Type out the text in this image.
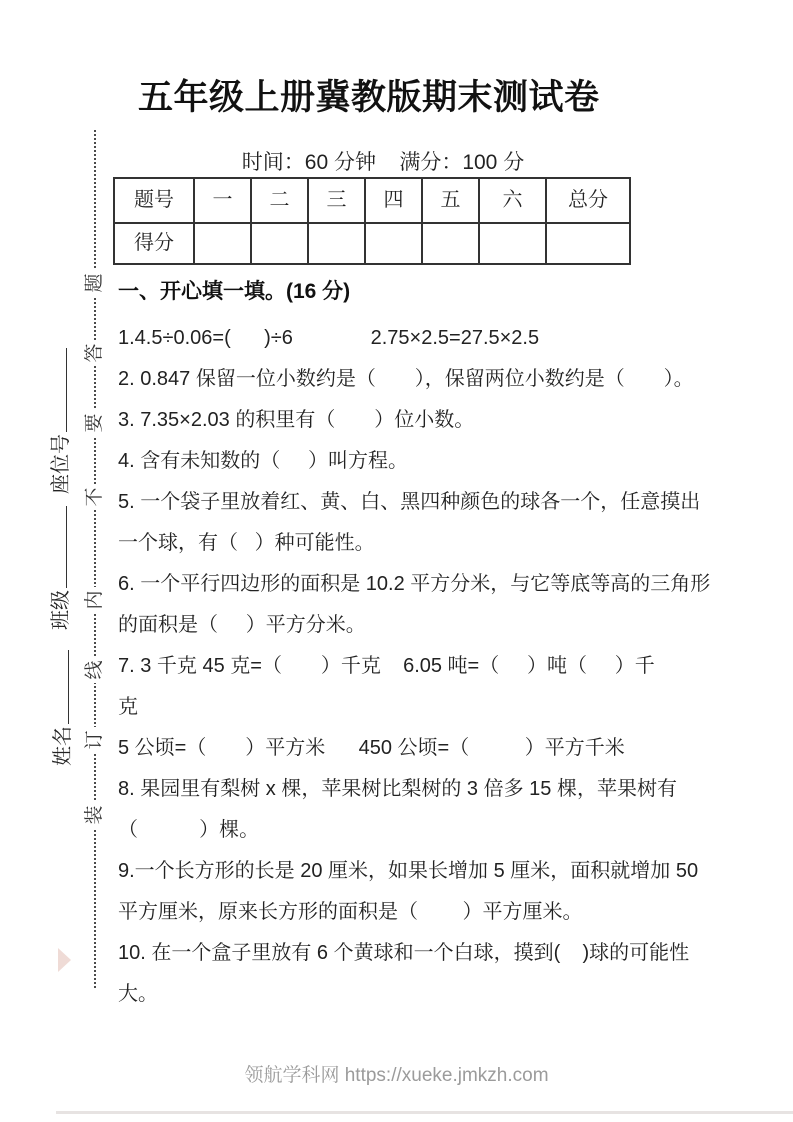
题
答
要
不
内
线
订
装
座位号
班级
姓名
五年级上册冀教版期末测试卷
时间：60 分钟    满分：100 分
题号	一	二	三	四	五	六	总分
得分
一、开心填一填。(16 分)
1.4.5÷0.06=(      )÷6              2.75×2.5=27.5×2.5
2. 0.847 保留一位小数约是（       ），保留两位小数约是（       ）。
3. 7.35×2.03 的积里有（       ）位小数。
4. 含有未知数的（     ）叫方程。
5. 一个袋子里放着红、黄、白、黑四种颜色的球各一个，任意摸出
一个球，有（   ）种可能性。
6. 一个平行四边形的面积是 10.2 平方分米，与它等底等高的三角形
的面积是（     ）平方分米。
7. 3 千克 45 克=（       ）千克    6.05 吨=（     ）吨（     ）千
克
5 公顷=（       ）平方米      450 公顷=（          ）平方千米
8. 果园里有梨树 x 棵，苹果树比梨树的 3 倍多 15 棵，苹果树有
（           ）棵。
9.一个长方形的长是 20 厘米，如果长增加 5 厘米，面积就增加 50
平方厘米，原来长方形的面积是（        ）平方厘米。
10. 在一个盒子里放有 6 个黄球和一个白球，摸到(    )球的可能性
大。
领航学科网 https://xueke.jmkzh.com
